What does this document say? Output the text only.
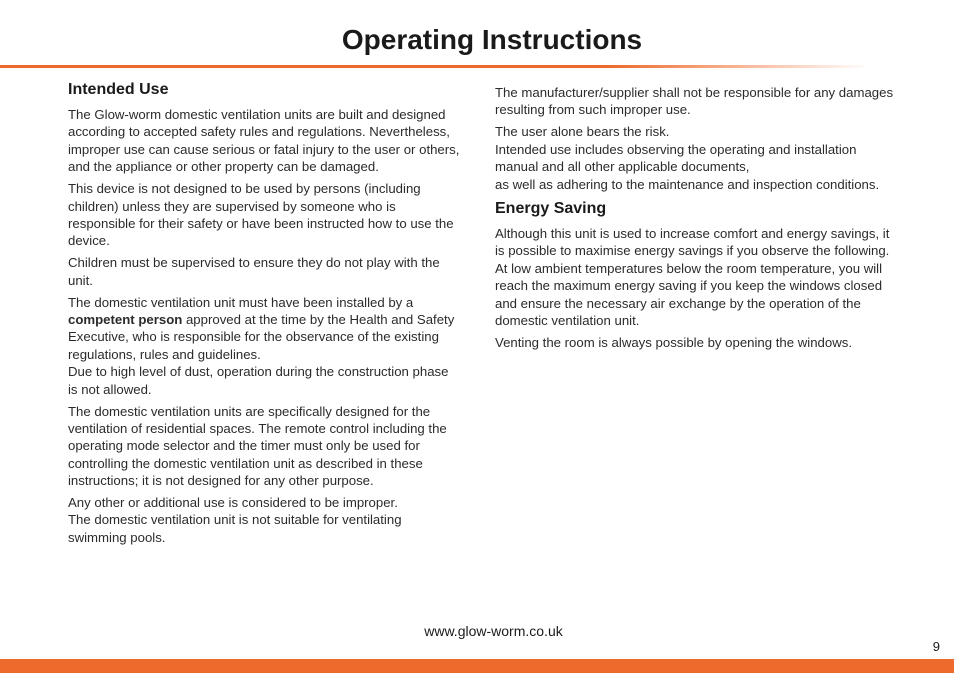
Operating Instructions
Intended Use

The Glow-worm domestic ventilation units are built and designed according to accepted safety rules and regulations. Nevertheless, improper use can cause serious or fatal injury to the user or others, and the appliance or other property can be damaged.

This device is not designed to be used by persons (including children) unless they are supervised by someone who is responsible for their safety or have been instructed how to use the device.

Children must be supervised to ensure they do not play with the unit.

The domestic ventilation unit must have been installed by a competent person approved at the time by the Health and Safety Executive, who is responsible for the observance of the existing regulations, rules and guidelines.
Due to high level of dust, operation during the construction phase is not allowed.

The domestic ventilation units are specifically designed for the ventilation of residential spaces. The remote control including the operating mode selector and the timer must only be used for controlling the domestic ventilation unit as described in these instructions; it is not designed for any other purpose.

Any other or additional use is considered to be improper.
The domestic ventilation unit is not suitable for ventilating swimming pools.

The manufacturer/supplier shall not be responsible for any damages resulting from such improper use.

The user alone bears the risk.
Intended use includes observing the operating and installation manual and all other applicable documents,
as well as adhering to the maintenance and inspection conditions.

Energy Saving

Although this unit is used to increase comfort and energy savings, it is possible to maximise energy savings if you observe the following.
At low ambient temperatures below the room temperature, you will reach the maximum energy saving if you keep the windows closed and ensure the necessary air exchange by the operation of the domestic ventilation unit.

Venting the room is always possible by opening the windows.

www.glow-worm.co.uk
9
